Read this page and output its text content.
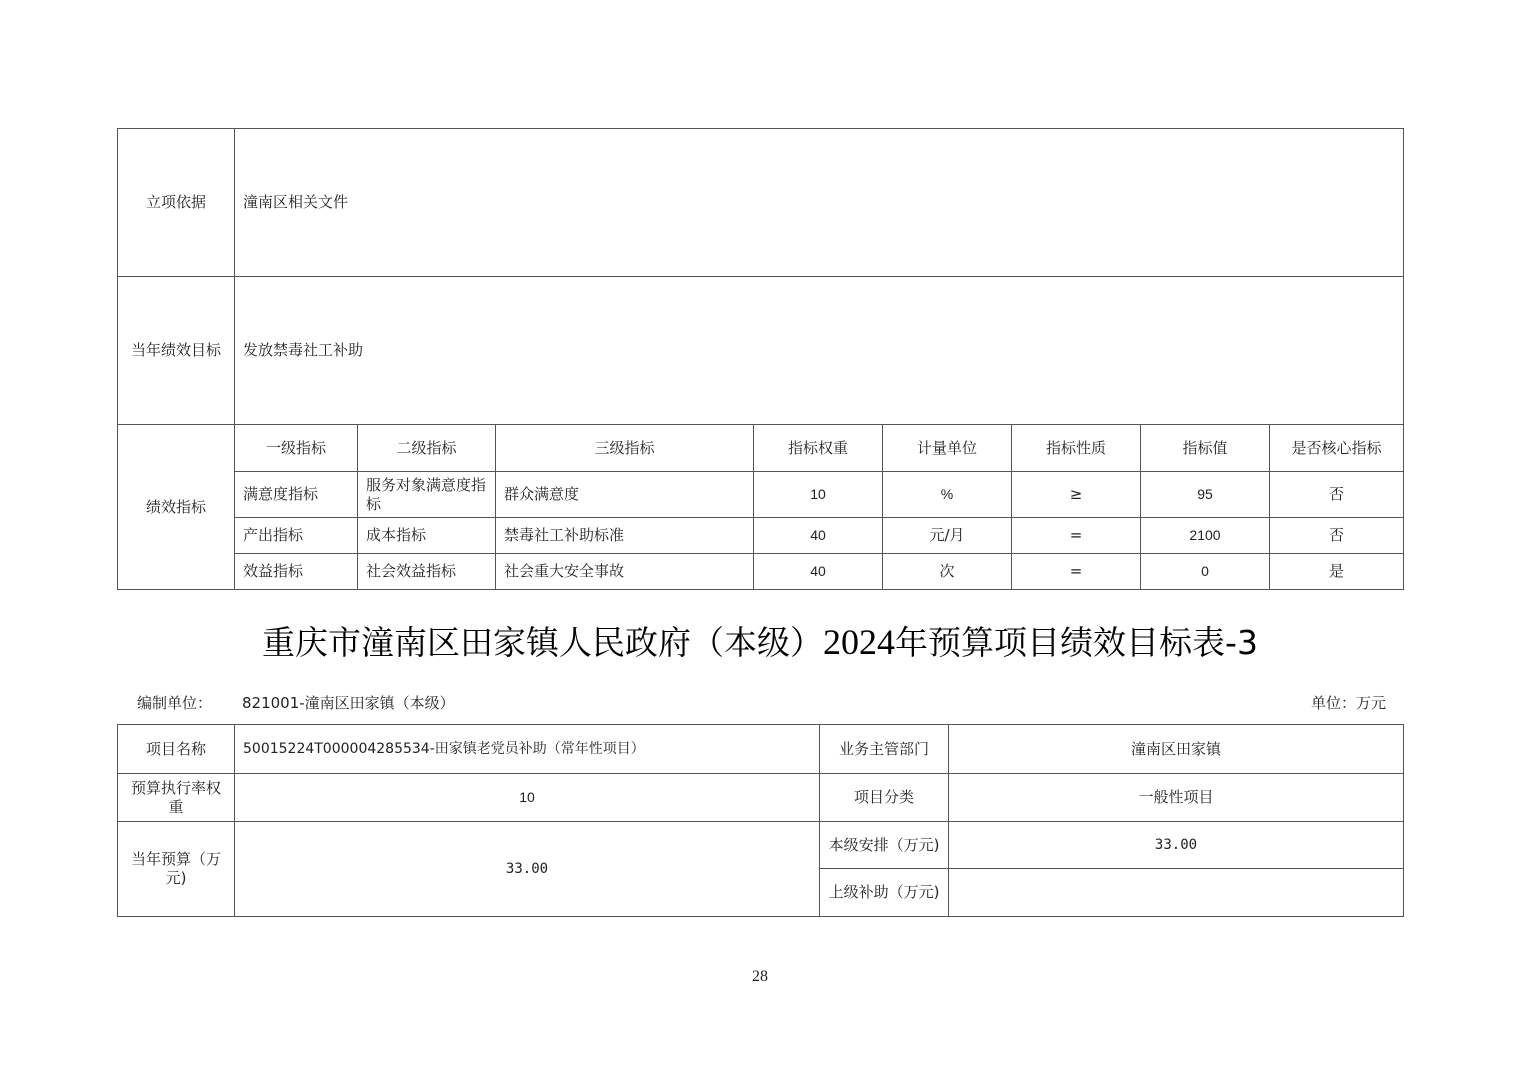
立项依据	潼南区相关文件							
当年绩效目标	发放禁毒社工补助							
绩效指标	一级指标	二级指标	三级指标	指标权重	计量单位	指标性质	指标值	是否核心指标
	满意度指标	服务对象满意度指标	群众满意度	10	%	≥	95	否
	产出指标	成本指标	禁毒社工补助标准	40	元/月	=	2100	否
	效益指标	社会效益指标	社会重大安全事故	40	次	=	0	是
重庆市潼南区田家镇人民政府（本级）2024年预算项目绩效目标表-3
编制单位： 821001-潼南区田家镇（本级）	单位：万元
项目名称	50015224T000004285534-田家镇老党员补助（常年性项目）	业务主管部门	潼南区田家镇
预算执行率权重	10	项目分类	一般性项目
当年预算（万元)	33.00	本级安排（万元)	33.00
		上级补助（万元)	
28
